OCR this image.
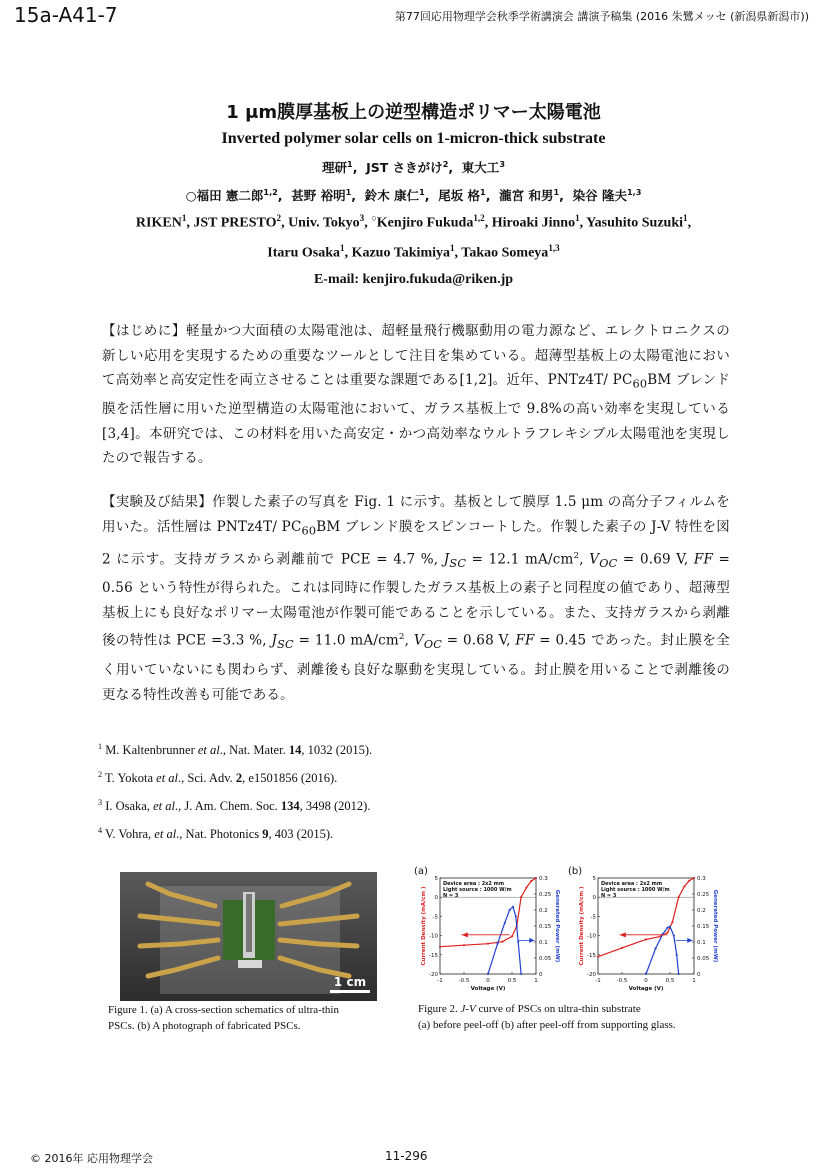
15a-A41-7	第77回応用物理学会秋季学術講演会 講演予稿集 (2016 朱鷺メッセ (新潟県新潟市))
1 μm膜厚基板上の逆型構造ポリマー太陽電池
Inverted polymer solar cells on 1-micron-thick substrate
理研$^1$,  JST さきがけ$^2$,  東大工$^3$
○福田 憲二郎$^{1,2}$,  甚野 裕明$^1$,  鈴木 康仁$^1$,  尾坂 格$^1$,  瀧宮 和男$^1$,  染谷 隆夫$^{1,3}$
RIKEN$^1$, JST PRESTO$^2$, Univ. Tokyo$^3$, ○Kenjiro Fukuda$^{1,2}$, Hiroaki Jinno$^1$, Yasuhito Suzuki$^1$,
Itaru Osaka$^1$, Kazuo Takimiya$^1$, Takao Someya$^{1,3}$
E-mail: kenjiro.fukuda@riken.jp
【はじめに】軽量かつ大面積の太陽電池は、超軽量飛行機駆動用の電力源など、エレクトロニクスの新しい応用を実現するための重要なツールとして注目を集めている。超薄型基板上の太陽電池において高効率と高安定性を両立させることは重要な課題である[1,2]。近年、PNTz4T/ $PC_{60}BM$ ブレンド膜を活性層に用いた逆型構造の太陽電池において、ガラス基板上で 9.8%の高い効率を実現している[3,4]。本研究では、この材料を用いた高安定・かつ高効率なウルトラフレキシブル太陽電池を実現したので報告する。
【実験及び結果】作製した素子の写真を Fig. 1 に示す。基板として膜厚 1.5 μm の高分子フィルムを用いた。活性層は PNTz4T/ $PC_{60}BM$ ブレンド膜をスピンコートした。作製した素子の J-V 特性を図 2 に示す。支持ガラスから剥離前で PCE = 4.7 %, $J_{SC} = 12.1$ $mA/cm^2$, $V_{OC} = 0.69$ V, FF = 0.56 という特性が得られた。これは同時に作製したガラス基板上の素子と同程度の値であり、超薄型基板上にも良好なポリマー太陽電池が作製可能であることを示している。また、支持ガラスから剥離後の特性は PCE =3.3 %, $J_{SC} = 11.0$ $mA/cm^2$, $V_{OC} = 0.68$ V, FF = 0.45 であった。封止膜を全く用いていないにも関わらず、剥離後も良好な駆動を実現している。封止膜を用いることで剥離後の更なる特性改善も可能である。
$^1$ M. Kaltenbrunner et al., Nat. Mater. 14, 1032 (2015).
$^2$ T. Yokota et al., Sci. Adv. 2, e1501856 (2016).
$^3$ I. Osaka, et al., J. Am. Chem. Soc. 134, 3498 (2012).
$^4$ V. Vohra, et al., Nat. Photonics 9, 403 (2015).
1 cm
Figure 1. (a) A cross-section schematics of ultra-thin
PSCs. (b) A photograph of fabricated PSCs.
(a)
-1	-0.5	0	0.5	1
5
0
-5
-10
-15
-20
0.3
0.25
0.2
0.15
0.1
0.05
0
Voltage (V)
Current Density (mA/cm )	Generated Power (mW)
Device area : 2x2 mm
Light source : 1000 W/m
N = 3
(b)
-1	-0.5	0	0.5	1
5
0
-5
-10
-15
-20
0.3
0.25
0.2
0.15
0.1
0.05
0
Voltage (V)
Current Density (mA/cm )	Generated Power (mW)
Device area : 2x2 mm
Light source : 1000 W/m
N = 3
Figure 2. J-V curve of PSCs on ultra-thin substrate
(a) before peel-off (b) after peel-off from supporting glass.
© 2016年 応用物理学会	11-296
